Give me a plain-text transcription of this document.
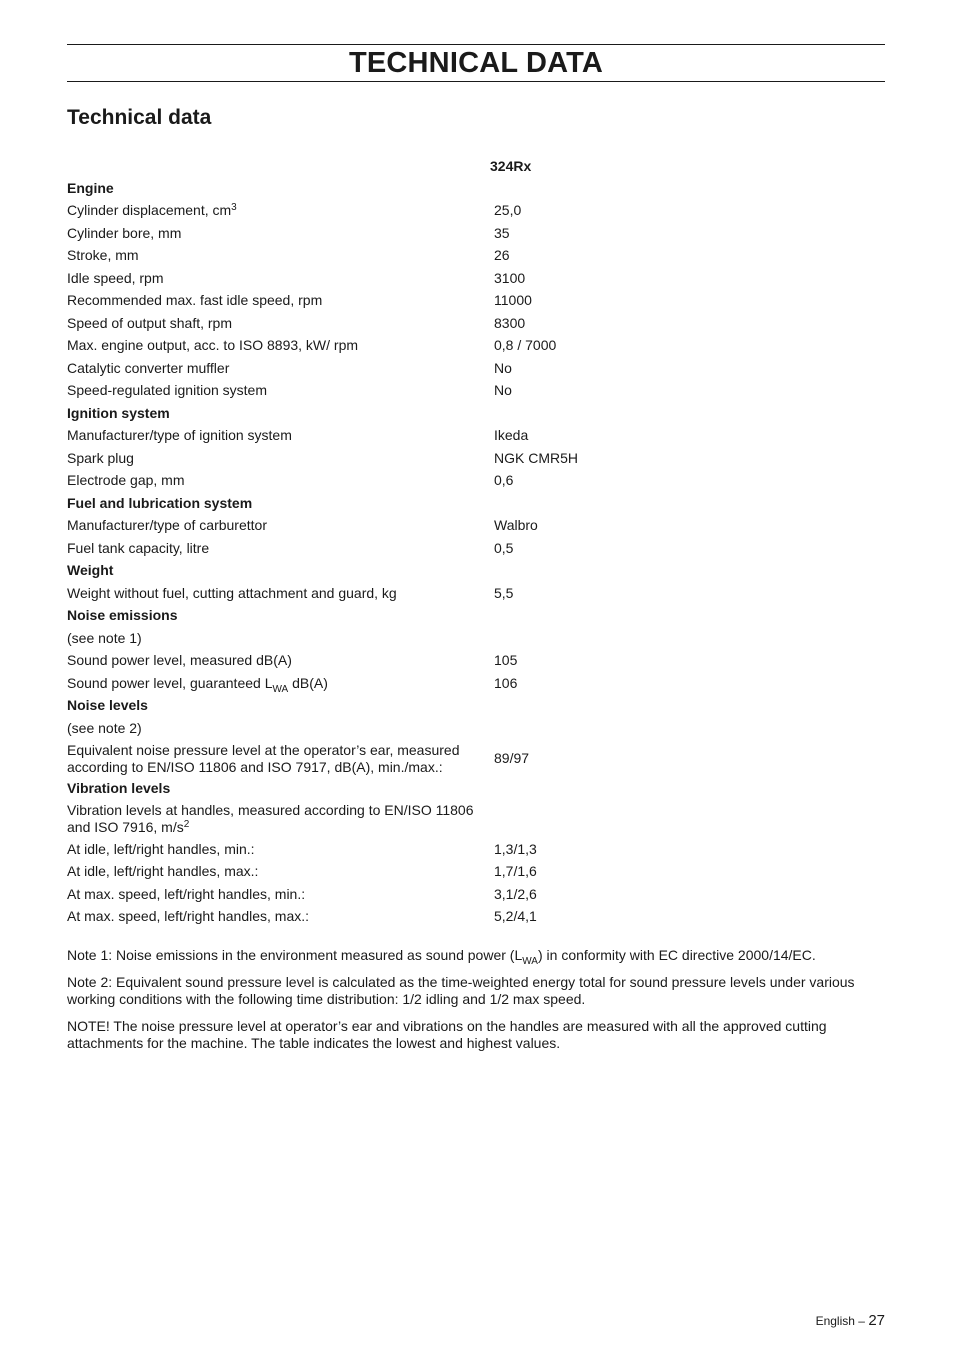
TECHNICAL DATA
Technical data
324Rx
Engine	
Cylinder displacement, $cm^3$	25,0
Cylinder bore, mm	35
Stroke, mm	26
Idle speed, rpm	3100
Recommended max. fast idle speed, rpm	11000
Speed of output shaft, rpm	8300
Max. engine output, acc. to ISO 8893, kW/ rpm	0,8 / 7000
Catalytic converter muffler	No
Speed-regulated ignition system	No
Ignition system	
Manufacturer/type of ignition system	Ikeda
Spark plug	NGK CMR5H
Electrode gap, mm	0,6
Fuel and lubrication system	
Manufacturer/type of carburettor	Walbro
Fuel tank capacity, litre	0,5
Weight	
Weight without fuel, cutting attachment and guard, kg	5,5
Noise emissions	
(see note 1)	
Sound power level, measured dB(A)	105
Sound power level, guaranteed $L_{WA}$ dB(A)	106
Noise levels	
(see note 2)	
Equivalent noise pressure level at the operator’s ear, measured according to EN/ISO 11806 and ISO 7917, dB(A), min./max.:	89/97
Vibration levels	
Vibration levels at handles, measured according to EN/ISO 11806 and ISO 7916, $m/s^2$	
At idle, left/right handles, min.:	1,3/1,3
At idle, left/right handles, max.:	1,7/1,6
At max. speed, left/right handles, min.:	3,1/2,6
At max. speed, left/right handles, max.:	5,2/4,1

Note 1: Noise emissions in the environment measured as sound power $(L_{WA})$ in conformity with EC directive 2000/14/EC.

Note 2: Equivalent sound pressure level is calculated as the time-weighted energy total for sound pressure levels under various working conditions with the following time distribution: 1/2 idling and 1/2 max speed.

NOTE! The noise pressure level at operator’s ear and vibrations on the handles are measured with all the approved cutting attachments for the machine. The table indicates the lowest and highest values.

English – 27
